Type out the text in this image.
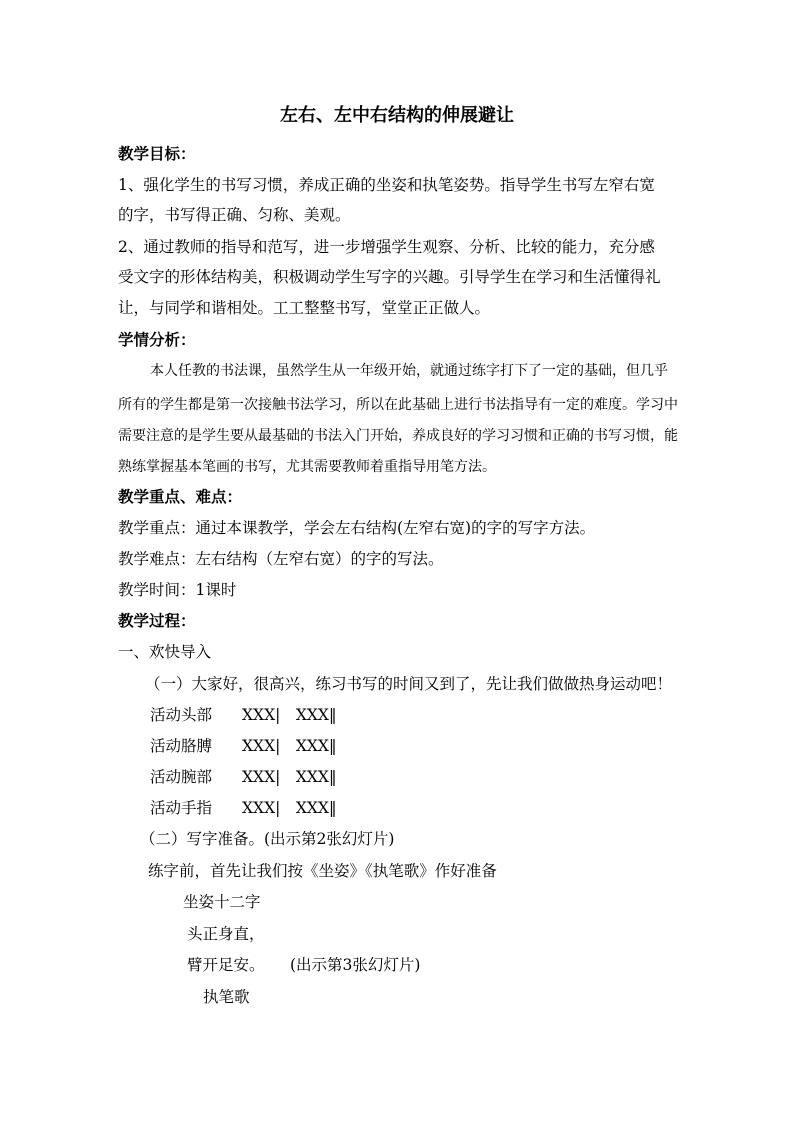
左右、左中右结构的伸展避让
教学目标：
1、强化学生的书写习惯，养成正确的坐姿和执笔姿势。指导学生书写左窄右宽
的字，书写得正确、匀称、美观。
2、通过教师的指导和范写，进一步增强学生观察、分析、比较的能力，充分感
受文字的形体结构美，积极调动学生写字的兴趣。引导学生在学习和生活懂得礼
让，与同学和谐相处。工工整整书写，堂堂正正做人。
学情分析：
本人任教的书法课，虽然学生从一年级开始，就通过练字打下了一定的基础，但几乎
所有的学生都是第一次接触书法学习，所以在此基础上进行书法指导有一定的难度。学习中
需要注意的是学生要从最基础的书法入门开始，养成良好的学习习惯和正确的书写习惯，能
熟练掌握基本笔画的书写，尤其需要教师着重指导用笔方法。
教学重点、难点：
教学重点：通过本课教学，学会左右结构(左窄右宽)的字的写字方法。
教学难点：左右结构（左窄右宽）的字的写法。
教学时间：1课时
教学过程：
一、欢快导入
（一）大家好，很高兴，练习书写的时间又到了，先让我们做做热身运动吧！
活动头部 XXX|　XXX‖
活动胳膊 XXX|　XXX‖
活动腕部 XXX|　XXX‖
活动手指 XXX|　XXX‖
（二）写字准备。(出示第2张幻灯片)
练字前，首先让我们按《坐姿》《执笔歌》作好准备
坐姿十二字
头正身直，
臂开足安。	(出示第3张幻灯片)
执笔歌
